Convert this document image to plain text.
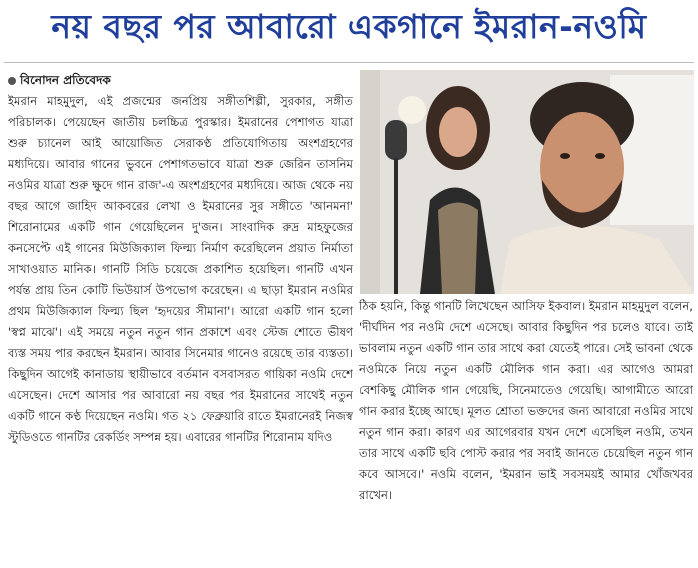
নয় বছর পর আবারো একগানে ইমরান-নওমি
বিনোদন প্রতিবেদক

ইমরান মাহমুদুল, এই প্রজন্মের জনপ্রিয় সঙ্গীতশিল্পী, সুরকার, সঙ্গীত পরিচালক। পেয়েছেন জাতীয় চলচ্চিত্র পুরস্কার। ইমরানের পেশাগত যাত্রা শুরু চ্যানেল আই আয়োজিত সেরাকণ্ঠ প্রতিযোগিতায় অংশগ্রহণের মধ্যদিয়ে। আবার গানের ভুবনে পেশাগতভাবে যাত্রা শুরু জেরিন তাসনিম নওমির যাত্রা শুরু ক্ষুদে গান রাজ'-এ অংশগ্রহণের মধ্যদিয়ে। আজ থেকে নয় বছর আগে জাহিদ আকবরের লেখা ও ইমরানের সুর সঙ্গীতে 'আনমনা' শিরোনামের একটি গান গেয়েছিলেন দু'জন। সাংবাদিক রুদ্র মাহফুজের কনসেপ্টে এই গানের মিউজিক্যাল ফিল্ম্য নির্মাণ করেছিলেন প্রয়াত নির্মাতা সাখাওয়াত মানিক। গানটি সিডি চয়েজে প্রকাশিত হয়েছিল। গানটি এখন পর্যন্ত প্রায় তিন কোটি ভিউয়ার্স উপভোগ করেছেন। এ ছাড়া ইমরান নওমির প্রথম মিউজিক্যাল ফিল্ম্য ছিল 'হৃদয়ের সীমানা'। আরো একটি গান হলো 'স্বপ্ন মাঝে'। এই সময়ে নতুন নতুন গান প্রকাশে এবং স্টেজ শোতে ভীষণ ব্যস্ত সময় পার করছেন ইমরান। আবার সিনেমার গানেও রয়েছে তার ব্যস্ততা। কিছুদিন আগেই কানাডায় স্থায়ীভাবে বর্তমান বসবাসরত গায়িকা নওমি দেশে এসেছেন। দেশে আসার পর আবারো নয় বছর পর ইমরানের সাথেই নতুন একটি গানে কণ্ঠ দিয়েছেন নওমি। গত ২১ ফেব্রুয়ারি রাতে ইমরানেরই নিজস্ব স্টুডিওতে গানটির রেকর্ডিং সম্পন্ন হয়। এবারের গানটির শিরোনাম যদিও

ঠিক হয়নি, কিন্তু গানটি লিখেছেন আসিফ ইকবাল। ইমরান মাহমুদুল বলেন, 'দীর্ঘদিন পর নওমি দেশে এসেছে। আবার কিছুদিন পর চলেও যাবে। তাই ভাবলাম নতুন একটি গান তার সাথে করা যেতেই পারে। সেই ভাবনা থেকে নওমিকে নিয়ে নতুন একটি মৌলিক গান করা। এর আগেও আমরা বেশকিছু মৌলিক গান গেয়েছি, সিনেমাতেও গেয়েছি। আগামীতে আরো গান করার ইচ্ছে আছে। মূলত শ্রোতা ভক্তদের জন্য আবারো নওমির সাথে নতুন গান করা। কারণ এর আগেরবার যখন দেশে এসেছিল নওমি, তখন তার সাথে একটি ছবি পোস্ট করার পর সবাই জানতে চেয়েছিল নতুন গান কবে আসবে।' নওমি বলেন, 'ইমরান ভাই সবসময়ই আমার খোঁজখবর রাখেন।
